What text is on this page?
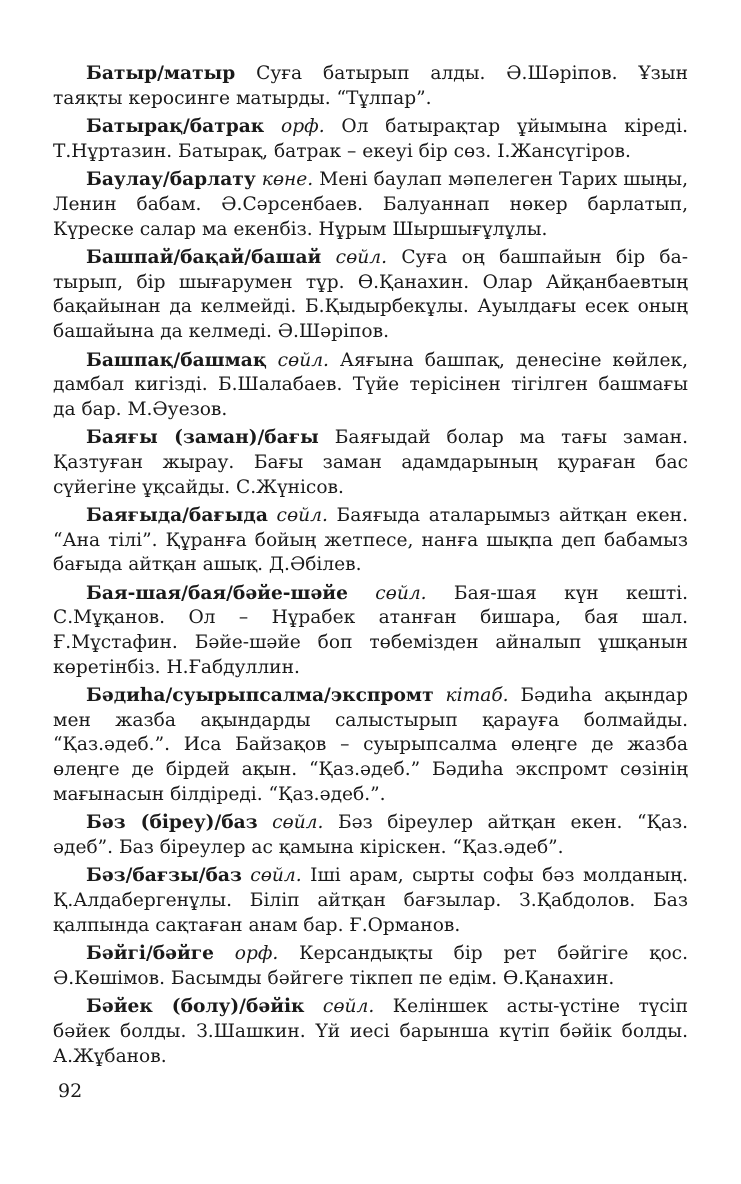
Батыр/матыр Суға батырып алды. Ә.Шәріпов. Ұзын таяқты керосинге матырды. “Тұлпар”.

Батырақ/батрак орф. Ол батырақтар ұйымына кіреді. Т.Нұртазин. Батырақ, батрак – екеуі бір сөз. І.Жансүгіров.

Баулау/барлату көне. Мені баулап мәпелеген Тарих шыңы, Ленин бабам. Ә.Сәрсенбаев. Балуаннап нөкер барлатып, Күреске салар ма екенбіз. Нұрым Шыршығұлұлы.

Башпай/бақай/башай сөйл. Суға оң башпайын бір батырып, бір шығарумен тұр. Ө.Қанахин. Олар Айқанбаевтың бақайынан да келмейді. Б.Қыдырбекұлы. Ауылдағы есек оның башайына да келмеді. Ә.Шәріпов.

Башпақ/башмақ сөйл. Аяғына башпақ, денесіне көйлек, дамбал кигізді. Б.Шалабаев. Түйе терісінен тігілген башмағы да бар. М.Әуезов.

Баяғы (заман)/бағы Баяғыдай болар ма тағы заман. Қазтуған жырау. Бағы заман адамдарының қураған бас сүйегіне ұқсайды. С.Жүнісов.

Баяғыда/бағыда сөйл. Баяғыда аталарымыз айтқан екен. “Ана тілі”. Құранға бойың жетпесе, нанға шықпа деп бабамыз бағыда айтқан ашық. Д.Әбілев.

Бая-шая/бая/бәйе-шәйе сөйл. Бая-шая күн кешті. С.Мұқанов. Ол – Нұрабек атанған бишара, бая шал. Ғ.Мұстафин. Бәйе-шәйе боп төбемізден айналып ұшқанын көретінбіз. Н.Ғабдуллин.

Бәдиһа/суырыпсалма/экспромт кітаб. Бәдиһа ақындар мен жазба ақындарды салыстырып қарауға болмайды. “Қаз.әдеб.”. Иса Байзақов – суырыпсалма өлеңге де жазба өлеңге де бірдей ақын. “Қаз.әдеб.” Бәдиһа экспромт сөзінің мағынасын білдіреді. “Қаз.әдеб.”.

Бәз (біреу)/баз сөйл. Бәз біреулер айтқан екен. “Қаз. әдеб”. Баз біреулер ас қамына кіріскен. “Қаз.әдеб”.

Бәз/бағзы/баз сөйл. Іші арам, сырты софы бәз молданың. Қ.Алдабергенұлы. Біліп айтқан бағзылар. З.Қабдолов. Баз қалпында сақтаған анам бар. Ғ.Орманов.

Бәйгі/бәйге орф. Керсандықты бір рет бәйгіге қос. Ә.Көшімов. Басымды бәйгеге тікпеп пе едім. Ө.Қанахин.

Бәйек (болу)/бәйік сөйл. Келіншек асты-үстіне түсіп бәйек болды. З.Шашкин. Үй иесі барынша күтіп бәйік болды. А.Жұбанов.

92
